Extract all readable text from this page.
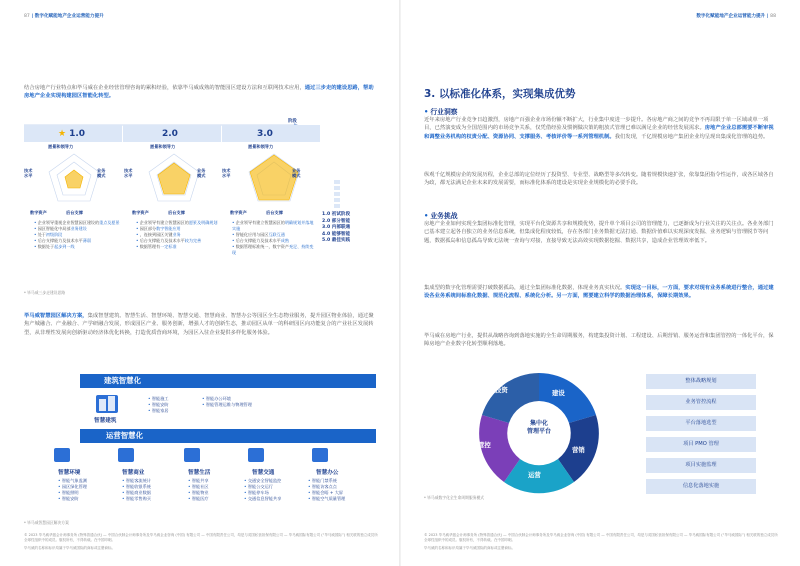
87 | 数字化赋能地产企业运营能力提升
结合房地产行业特点和毕马威在企业经营管理咨询的累积经验，依靠毕马威成熟的智能园区建设方法和互联网技术应用，通过三步走的建设思路，帮助房地产企业实现构建园区智能化转型。
阶段
★ 1.0	2.0	3.0
愿景和领导力	愿景和领导力	愿景和领导力
技术
水平
业务
模式
技术
水平
业务
模式
技术
水平
业务
模式
数字资产	后台支撑	数字资产	后台支撑	数字资产	后台支撑
• 企业领导重视企业智慧园区建设的重点及愿景
• 园区智能化中局部业务建设
• 处于初级阶段
• 后台支撑能力及技术水平薄弱
• 数据处于起步到一线
• 企业领导有建立智慧园区的愿景及明确规划
• 园区部分数字智能应用
• ，连接到园区关键业务
• 后台支撑能力及技术水平较为完善
• 数据管理有一定标准
• 企业领导有建立智慧园区的明确规划并落地实施
• 智能化应用与园区互联互通
• 后台支撑能力及技术水平成熟
• 数据管理标准统一，数字资产充足、持续变现
1.0 初试阶段
2.0 部分智能
3.0 内部联通
4.0 能够智能
5.0 最佳实践
* 毕马威三步走建设思路
毕马威智慧园区解决方案，集成智慧建筑、智慧生活、智慧环境、智慧交通、智慧商业、智慧办公等园区全生态物业服务，提升园区物业体验，通过聚焦产城融合、产业融合、产学研融合发展，形成园区产业、服务创新，增强人才的创新生态，推动园区从单一的科研园区向功能复合的产业社区发展转型，从非理性发展向创新驱动经济体优化转换，打造优质营商环境，为园区入驻企业提供多样化服务体验。
建筑智慧化
智慧建筑
• 智能施工
• 智能安防
• 智能家居
• 智能办公环境
• 智能管理运维与物理管理
运营智慧化
智慧环境	智慧商业	智慧生活	智慧交通	智慧办公
• 智能气象监测
• 园区绿化管理
• 智能照明
• 智能安防
• 智能客流统计
• 智能收银系统
• 智能商业数据
• 智能零售购买
• 智能共享
• 智能社区
• 智能物业
• 智能医疗
• 交通安全智能监控
• 智能公交运行
• 智能停车场
• 交通信息智能共享
• 智能门禁系统
• 智能访客点点
• 智能会晤 + 大屏
• 智能空气质量管理
* 毕马威智慧园区解决方案
© 2023 毕马威华振会计师事务所 (特殊普通合伙) — 中国合伙制会计师事务所及毕马威企业咨询 (中国) 有限公司 — 中国有限责任公司，均是与英国私营担保有限公司 — 毕马威国际有限公司 (“毕马威国际”) 相关联的独立成员所全球性组织中的成员。版权所有，不得转载。在中国印刷。
毕马威的名称和标识均属于毕马威国际的商标或注册商标。
数字化赋能地产企业运营能力提升 | 88
3. 以标准化体系，实现集成优势
• 行业洞察
近年来房地产行业竞争日趋激烈，房地产百强企业市场份额不断扩大，行业集中度进一步提升。各房地产商之间的竞争不再局限于单一区域或单一项目，已然演变成为全国范围内的市场竞争关系，仅凭借经验及惯例做决策的粗放式管理已难以满足企业的经营发展需求。房地产企业总部需要不断审视和调整业务机构的权责分配、资源协同、支撑服务、考核评价等一系列管理机制。我们发现，千亿规模房地产集团企业均呈现出集成化管理的趋势。
纵观千亿规模房企的发展历程，企业总部的定位经历了投资型、专业型、战略型等多次转变。随着规模快速扩张，依靠集团指令性运作，或各区域各自为政，都无法满足企业未来的发展需要，而标准化体系的建设是实现企业规模化的必要手段。
• 业务挑战
房地产企业如何实现全集团标准化管理，实现平台化资源共享和规模优势，提升单个项目公司的管理能力，已逐渐成为行业关注的关注点。各业务部门已基本建立起各自独立的业务信息系统，但集成化程度较低，存在各部门业务数据无法打通、数据价值难以实现深度发掘、业务逻辑与管理脱节等问题，数据孤岛和信息孤岛导致无法统一查询与对接，直接导致无法高效实现数据挖掘、数据共享，造成企业管理效率低下。
集成型的数字化管理需要打破数据孤岛，通过全集团标准化数据，体现业务真实状况。实现这一目标，一方面，要求对现有业务系统进行整合，通过建设各业务系统间标准化数据、规范化流程、系统化分析。另一方面，需要建立科学的数据治理体系，保障长期效果。
毕马威在房地产行业，提供从战略咨询到落地实施的全生命周期服务，构建集投资计划、工程建设、后期营销、服务运营和集团管控的一体化平台，保障房地产企业数字化转型顺利落地。
集中化
管理平台
投资	建设
营销
运营
管控
整体战略规划
业务管控流程
平台落地选型
项目 PMO 管理
项目实施监理
信息化落地实施
* 毕马威数字化全生命周期服务模式
© 2023 毕马威华振会计师事务所 (特殊普通合伙) — 中国合伙制会计师事务所及毕马威企业咨询 (中国) 有限公司 — 中国有限责任公司，均是与英国私营担保有限公司 — 毕马威国际有限公司 (“毕马威国际”) 相关联的独立成员所全球性组织中的成员。版权所有，不得转载。在中国印刷。
毕马威的名称和标识均属于毕马威国际的商标或注册商标。
